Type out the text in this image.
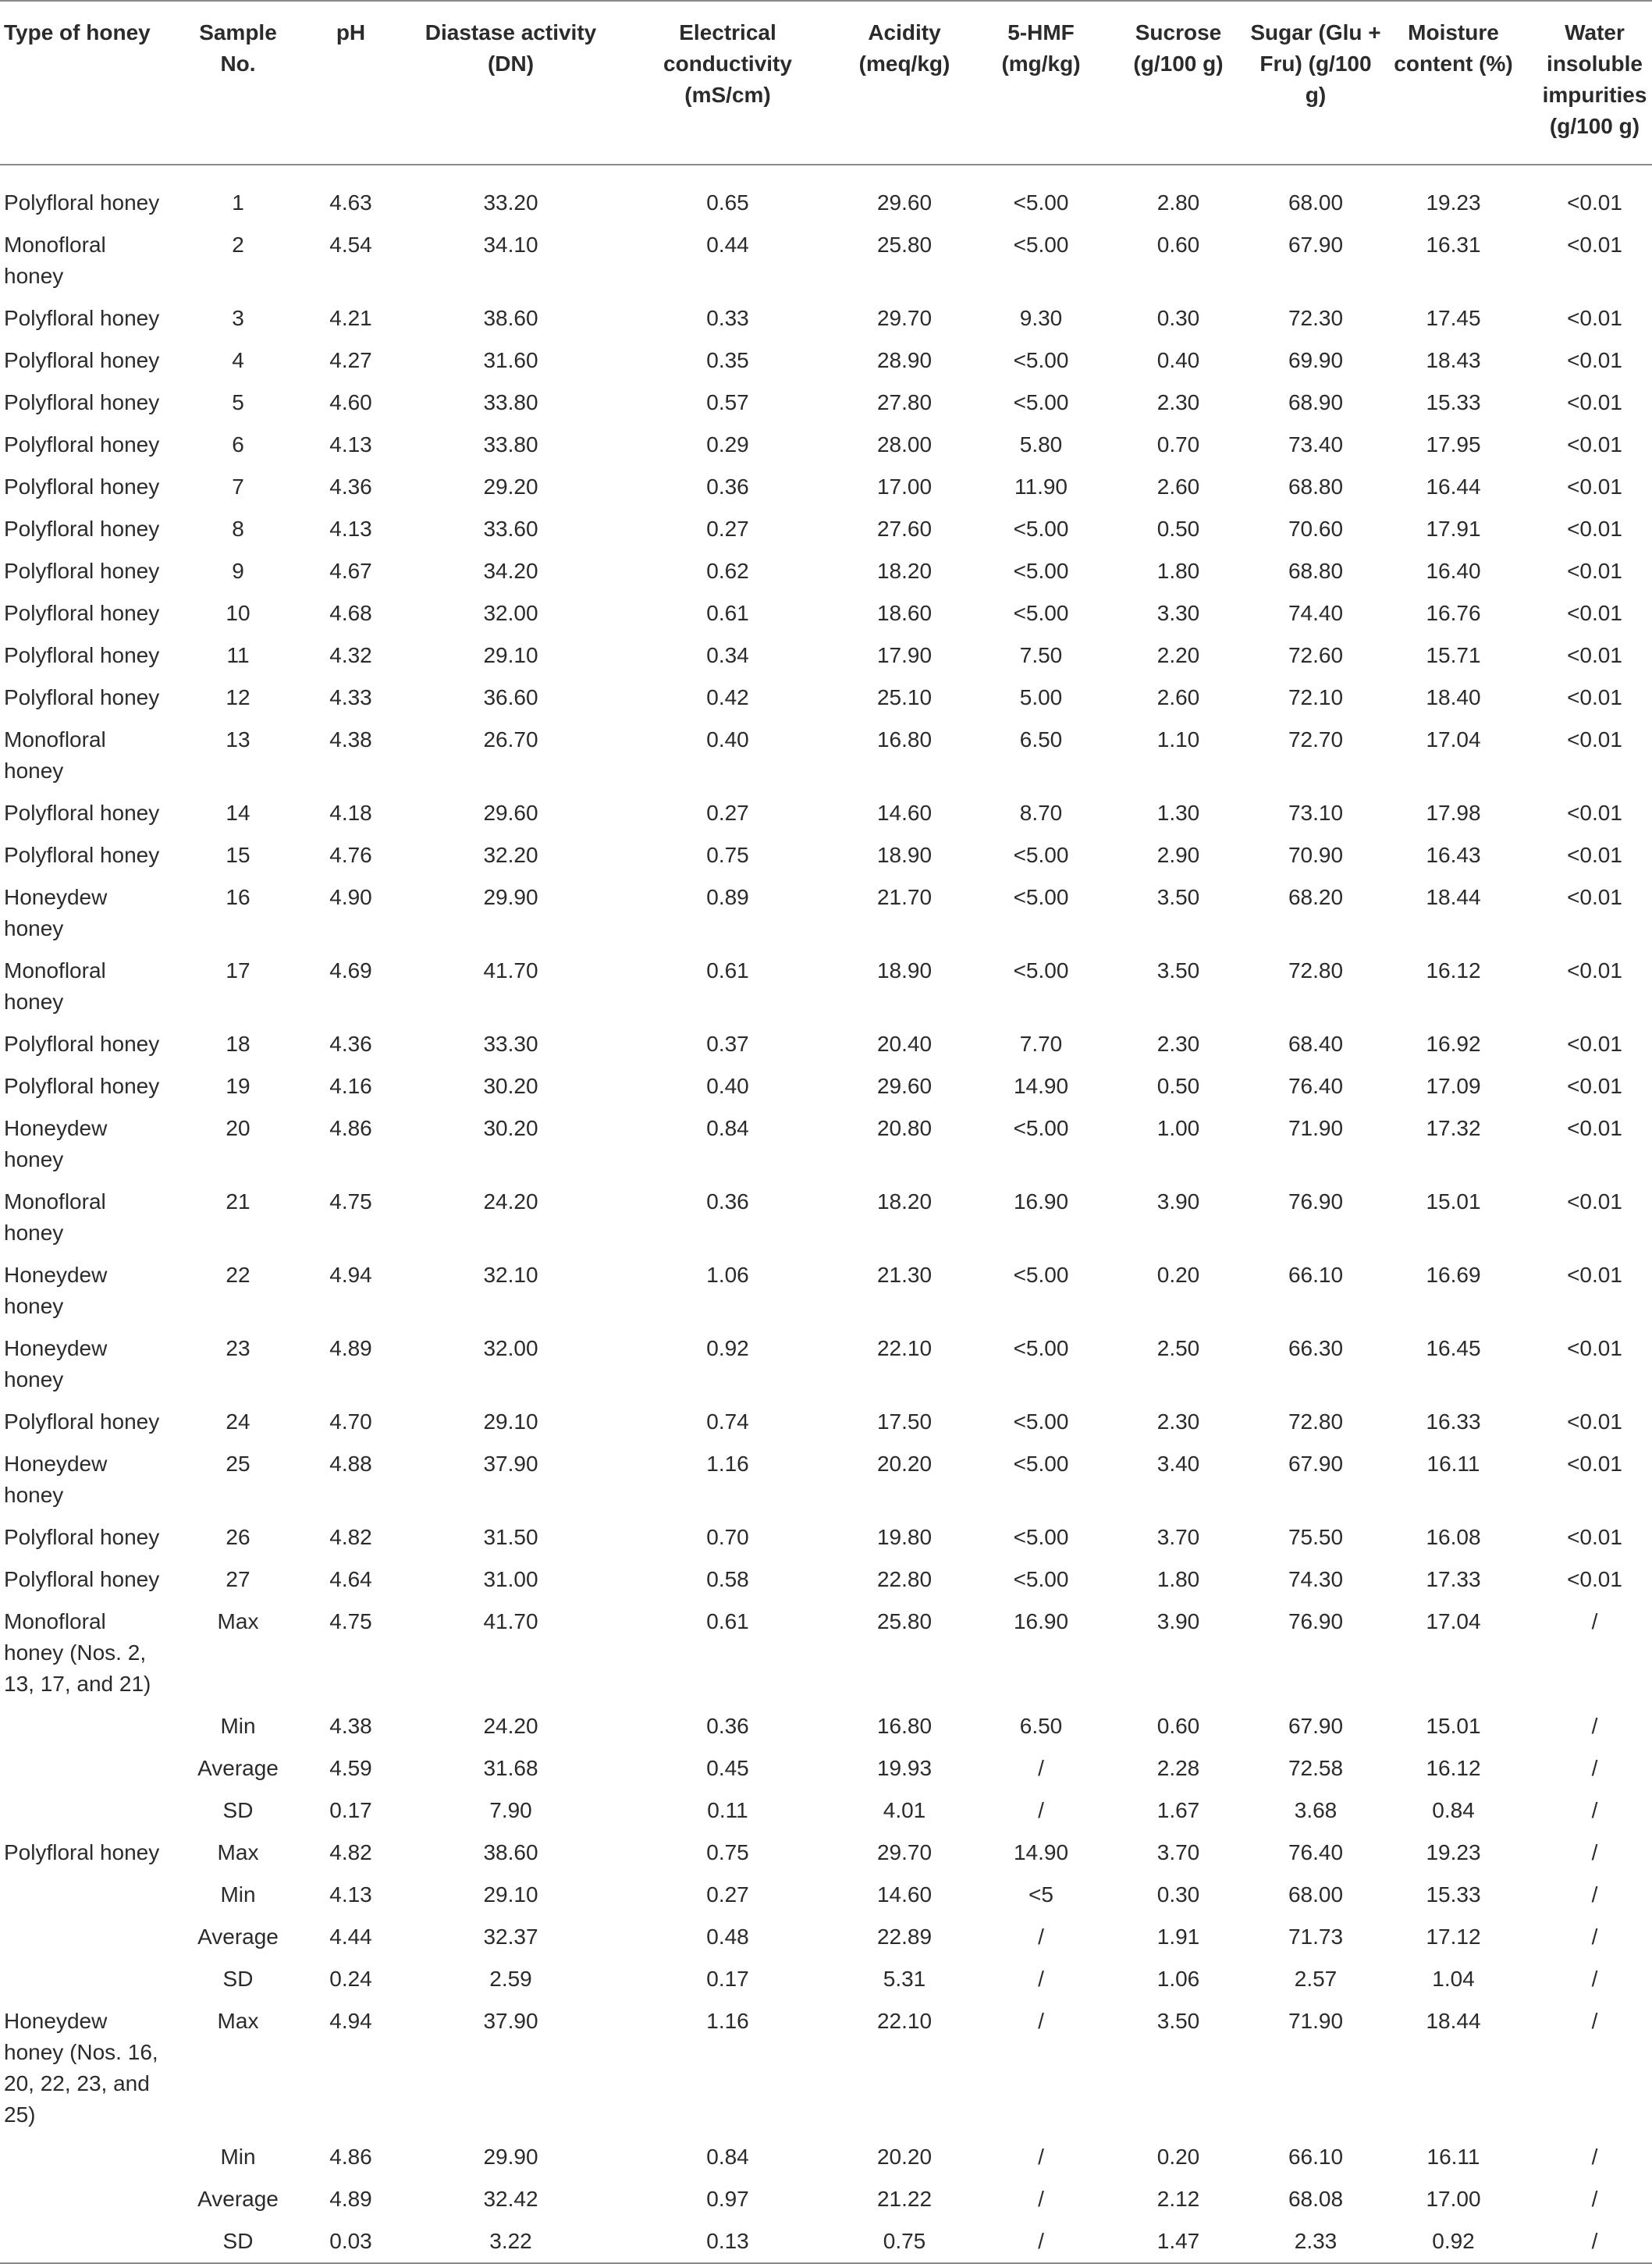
Type of honey	Sample No.	pH	Diastase activity (DN)	Electrical conductivity (mS/cm)	Acidity (meq/kg)	5-HMF (mg/kg)	Sucrose (g/100 g)	Sugar (Glu + Fru) (g/100 g)	Moisture content (%)	Water insoluble impurities (g/100 g)
Polyfloral honey	1	4.63	33.20	0.65	29.60	<5.00	2.80	68.00	19.23	<0.01
Monofloral honey	2	4.54	34.10	0.44	25.80	<5.00	0.60	67.90	16.31	<0.01
Polyfloral honey	3	4.21	38.60	0.33	29.70	9.30	0.30	72.30	17.45	<0.01
Polyfloral honey	4	4.27	31.60	0.35	28.90	<5.00	0.40	69.90	18.43	<0.01
Polyfloral honey	5	4.60	33.80	0.57	27.80	<5.00	2.30	68.90	15.33	<0.01
Polyfloral honey	6	4.13	33.80	0.29	28.00	5.80	0.70	73.40	17.95	<0.01
Polyfloral honey	7	4.36	29.20	0.36	17.00	11.90	2.60	68.80	16.44	<0.01
Polyfloral honey	8	4.13	33.60	0.27	27.60	<5.00	0.50	70.60	17.91	<0.01
Polyfloral honey	9	4.67	34.20	0.62	18.20	<5.00	1.80	68.80	16.40	<0.01
Polyfloral honey	10	4.68	32.00	0.61	18.60	<5.00	3.30	74.40	16.76	<0.01
Polyfloral honey	11	4.32	29.10	0.34	17.90	7.50	2.20	72.60	15.71	<0.01
Polyfloral honey	12	4.33	36.60	0.42	25.10	5.00	2.60	72.10	18.40	<0.01
Monofloral honey	13	4.38	26.70	0.40	16.80	6.50	1.10	72.70	17.04	<0.01
Polyfloral honey	14	4.18	29.60	0.27	14.60	8.70	1.30	73.10	17.98	<0.01
Polyfloral honey	15	4.76	32.20	0.75	18.90	<5.00	2.90	70.90	16.43	<0.01
Honeydew honey	16	4.90	29.90	0.89	21.70	<5.00	3.50	68.20	18.44	<0.01
Monofloral honey	17	4.69	41.70	0.61	18.90	<5.00	3.50	72.80	16.12	<0.01
Polyfloral honey	18	4.36	33.30	0.37	20.40	7.70	2.30	68.40	16.92	<0.01
Polyfloral honey	19	4.16	30.20	0.40	29.60	14.90	0.50	76.40	17.09	<0.01
Honeydew honey	20	4.86	30.20	0.84	20.80	<5.00	1.00	71.90	17.32	<0.01
Monofloral honey	21	4.75	24.20	0.36	18.20	16.90	3.90	76.90	15.01	<0.01
Honeydew honey	22	4.94	32.10	1.06	21.30	<5.00	0.20	66.10	16.69	<0.01
Honeydew honey	23	4.89	32.00	0.92	22.10	<5.00	2.50	66.30	16.45	<0.01
Polyfloral honey	24	4.70	29.10	0.74	17.50	<5.00	2.30	72.80	16.33	<0.01
Honeydew honey	25	4.88	37.90	1.16	20.20	<5.00	3.40	67.90	16.11	<0.01
Polyfloral honey	26	4.82	31.50	0.70	19.80	<5.00	3.70	75.50	16.08	<0.01
Polyfloral honey	27	4.64	31.00	0.58	22.80	<5.00	1.80	74.30	17.33	<0.01
Monofloral honey (Nos. 2, 13, 17, and 21)	Max	4.75	41.70	0.61	25.80	16.90	3.90	76.90	17.04	/
	Min	4.38	24.20	0.36	16.80	6.50	0.60	67.90	15.01	/
	Average	4.59	31.68	0.45	19.93	/	2.28	72.58	16.12	/
	SD	0.17	7.90	0.11	4.01	/	1.67	3.68	0.84	/
Polyfloral honey	Max	4.82	38.60	0.75	29.70	14.90	3.70	76.40	19.23	/
	Min	4.13	29.10	0.27	14.60	<5	0.30	68.00	15.33	/
	Average	4.44	32.37	0.48	22.89	/	1.91	71.73	17.12	/
	SD	0.24	2.59	0.17	5.31	/	1.06	2.57	1.04	/
Honeydew honey (Nos. 16, 20, 22, 23, and 25)	Max	4.94	37.90	1.16	22.10	/	3.50	71.90	18.44	/
	Min	4.86	29.90	0.84	20.20	/	0.20	66.10	16.11	/
	Average	4.89	32.42	0.97	21.22	/	2.12	68.08	17.00	/
	SD	0.03	3.22	0.13	0.75	/	1.47	2.33	0.92	/
